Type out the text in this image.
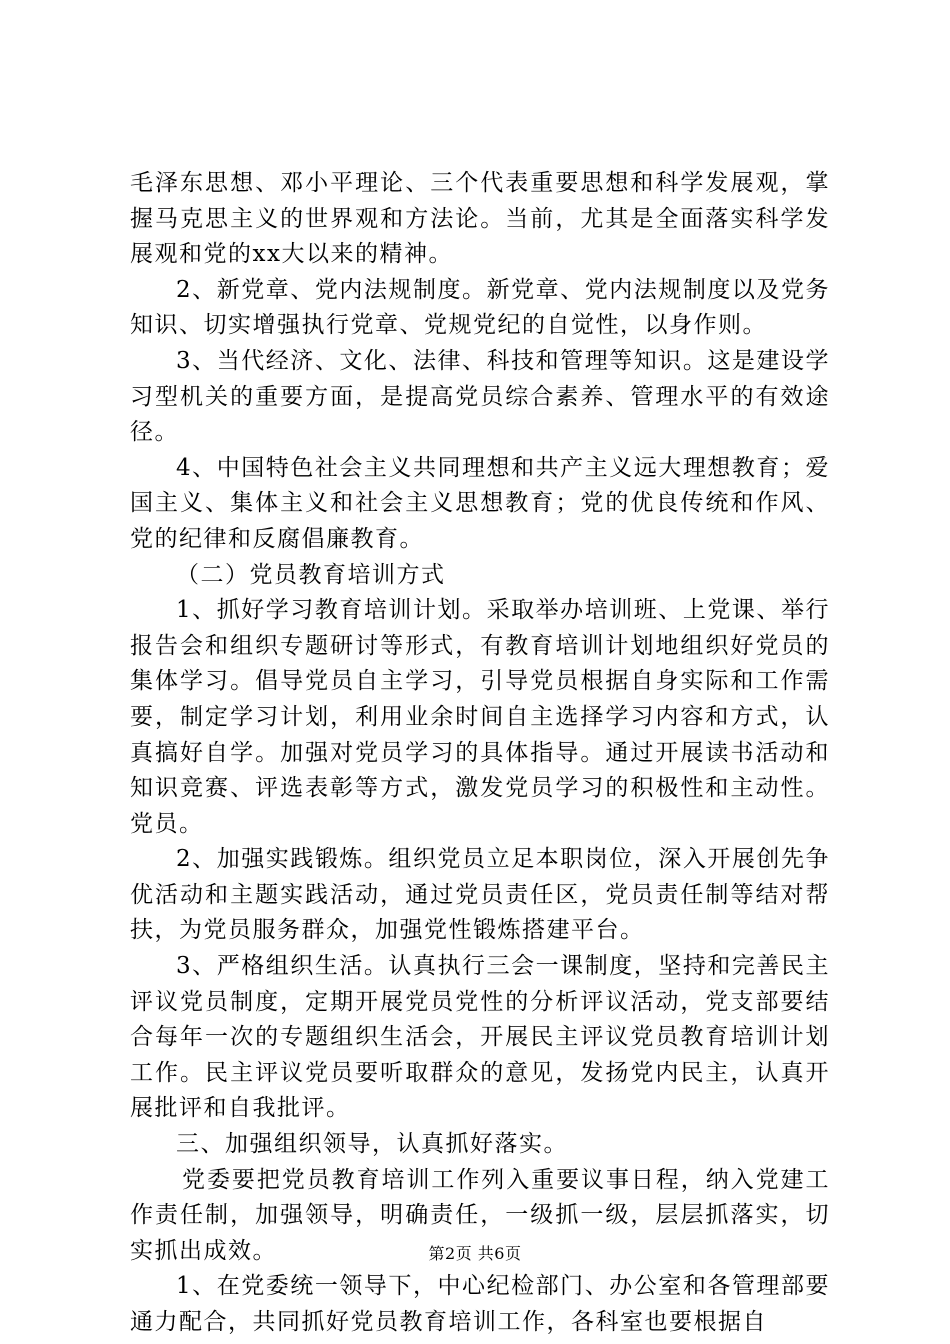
毛泽东思想、邓小平理论、三个代表重要思想和科学发展观，掌握马克思主义的世界观和方法论。当前，尤其是全面落实科学发展观和党的xx大以来的精神。

2、新党章、党内法规制度。新党章、党内法规制度以及党务知识、切实增强执行党章、党规党纪的自觉性，以身作则。

3、当代经济、文化、法律、科技和管理等知识。这是建设学习型机关的重要方面，是提高党员综合素养、管理水平的有效途径。

4、中国特色社会主义共同理想和共产主义远大理想教育；爱国主义、集体主义和社会主义思想教育；党的优良传统和作风、党的纪律和反腐倡廉教育。

（二）党员教育培训方式

1、抓好学习教育培训计划。采取举办培训班、上党课、举行报告会和组织专题研讨等形式，有教育培训计划地组织好党员的集体学习。倡导党员自主学习，引导党员根据自身实际和工作需要，制定学习计划，利用业余时间自主选择学习内容和方式，认真搞好自学。加强对党员学习的具体指导。通过开展读书活动和知识竞赛、评选表彰等方式，激发党员学习的积极性和主动性。党员。

2、加强实践锻炼。组织党员立足本职岗位，深入开展创先争优活动和主题实践活动，通过党员责任区，党员责任制等结对帮扶，为党员服务群众，加强党性锻炼搭建平台。

3、严格组织生活。认真执行三会一课制度，坚持和完善民主评议党员制度，定期开展党员党性的分析评议活动，党支部要结合每年一次的专题组织生活会，开展民主评议党员教育培训计划工作。民主评议党员要听取群众的意见，发扬党内民主，认真开展批评和自我批评。

三、加强组织领导，认真抓好落实。

党委要把党员教育培训工作列入重要议事日程，纳入党建工作责任制，加强领导，明确责任，一级抓一级，层层抓落实，切实抓出成效。

1、在党委统一领导下，中心纪检部门、办公室和各管理部要通力配合，共同抓好党员教育培训工作，各科室也要根据自

第2页 共6页
